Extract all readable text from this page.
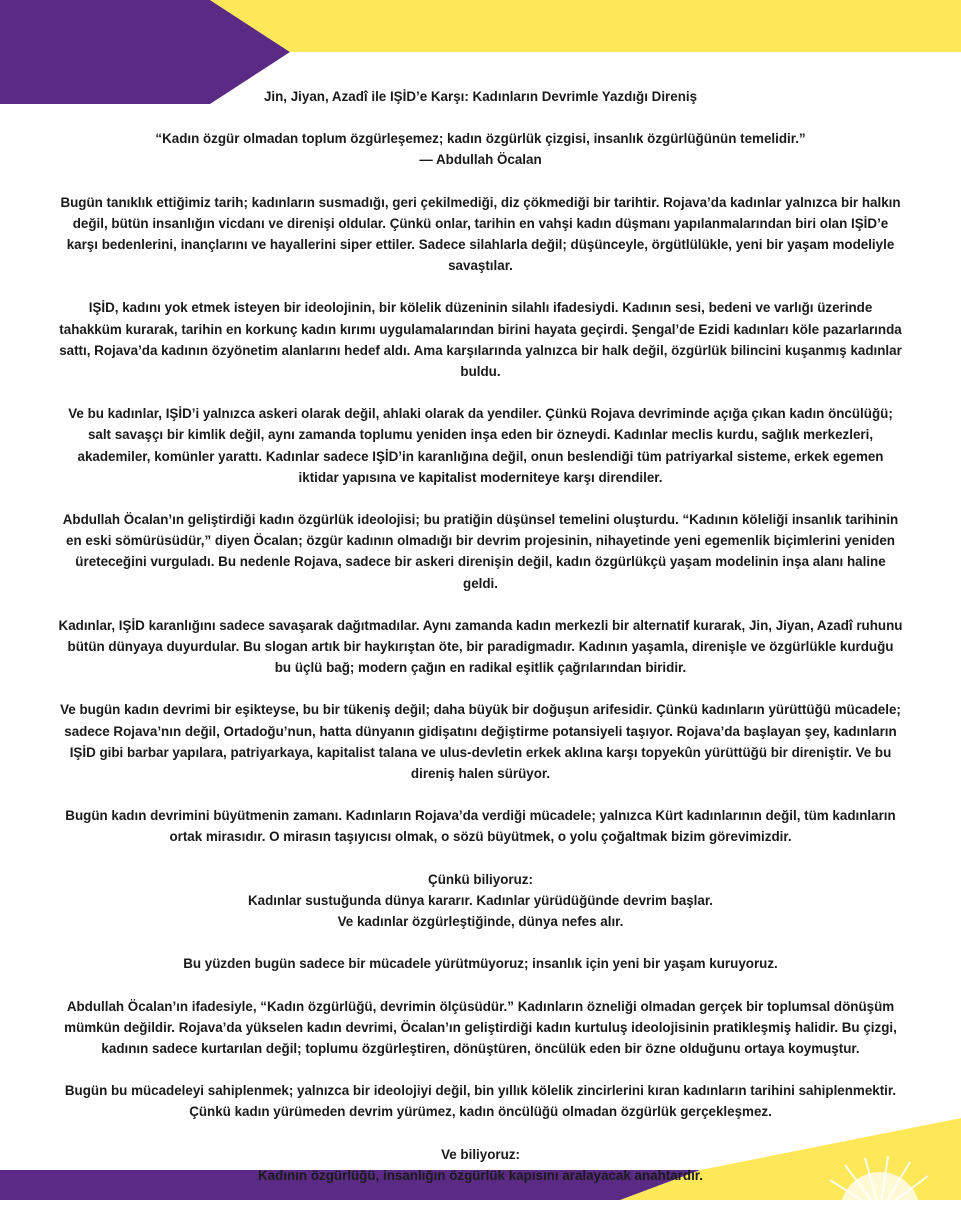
Jin, Jiyan, Azadî ile IŞİD’e Karşı: Kadınların Devrimle Yazdığı Direniş

“Kadın özgür olmadan toplum özgürleşemez; kadın özgürlük çizgisi, insanlık özgürlüğünün temelidir.”

— Abdullah Öcalan

Bugün tanıklık ettiğimiz tarih; kadınların susmadığı, geri çekilmediği, diz çökmediği bir tarihtir. Rojava’da kadınlar yalnızca bir halkın değil, bütün insanlığın vicdanı ve direnişi oldular. Çünkü onlar, tarihin en vahşi kadın düşmanı yapılanmalarından biri olan IŞİD’e karşı bedenlerini, inançlarını ve hayallerini siper ettiler. Sadece silahlarla değil; düşünceyle, örgütlülükle, yeni bir yaşam modeliyle savaştılar.

IŞİD, kadını yok etmek isteyen bir ideolojinin, bir kölelik düzeninin silahlı ifadesiydi. Kadının sesi, bedeni ve varlığı üzerinde tahakküm kurarak, tarihin en korkunç kadın kırımı uygulamalarından birini hayata geçirdi. Şengal’de Ezidi kadınları köle pazarlarında sattı, Rojava’da kadının özyönetim alanlarını hedef aldı. Ama karşılarında yalnızca bir halk değil, özgürlük bilincini kuşanmış kadınlar buldu.

Ve bu kadınlar, IŞİD’i yalnızca askeri olarak değil, ahlaki olarak da yendiler. Çünkü Rojava devriminde açığa çıkan kadın öncülüğü; salt savaşçı bir kimlik değil, aynı zamanda toplumu yeniden inşa eden bir özneydi. Kadınlar meclis kurdu, sağlık merkezleri, akademiler, komünler yarattı. Kadınlar sadece IŞİD’in karanlığına değil, onun beslendiği tüm patriyarkal sisteme, erkek egemen iktidar yapısına ve kapitalist moderniteye karşı direndiler.

Abdullah Öcalan’ın geliştirdiği kadın özgürlük ideolojisi; bu pratiğin düşünsel temelini oluşturdu. “Kadının köleliği insanlık tarihinin en eski sömürüsüdür,” diyen Öcalan; özgür kadının olmadığı bir devrim projesinin, nihayetinde yeni egemenlik biçimlerini yeniden üreteceğini vurguladı. Bu nedenle Rojava, sadece bir askeri direnişin değil, kadın özgürlükçü yaşam modelinin inşa alanı haline geldi.

Kadınlar, IŞİD karanlığını sadece savaşarak dağıtmadılar. Aynı zamanda kadın merkezli bir alternatif kurarak, Jin, Jiyan, Azadî ruhunu bütün dünyaya duyurdular. Bu slogan artık bir haykırıştan öte, bir paradigmadır. Kadının yaşamla, direnişle ve özgürlükle kurduğu bu üçlü bağ; modern çağın en radikal eşitlik çağrılarından biridir.

Ve bugün kadın devrimi bir eşikteyse, bu bir tükeniş değil; daha büyük bir doğuşun arifesidir. Çünkü kadınların yürüttüğü mücadele; sadece Rojava’nın değil, Ortadoğu’nun, hatta dünyanın gidişatını değiştirme potansiyeli taşıyor. Rojava’da başlayan şey, kadınların IŞİD gibi barbar yapılara, patriyarkaya, kapitalist talana ve ulus-devletin erkek aklına karşı topyekûn yürüttüğü bir direniştir. Ve bu direniş halen sürüyor.

Bugün kadın devrimini büyütmenin zamanı. Kadınların Rojava’da verdiği mücadele; yalnızca Kürt kadınlarının değil, tüm kadınların ortak mirasıdır. O mirasın taşıyıcısı olmak, o sözü büyütmek, o yolu çoğaltmak bizim görevimizdir.

Çünkü biliyoruz:

Kadınlar sustuğunda dünya kararır. Kadınlar yürüdüğünde devrim başlar.

Ve kadınlar özgürleştiğinde, dünya nefes alır.

Bu yüzden bugün sadece bir mücadele yürütmüyoruz; insanlık için yeni bir yaşam kuruyoruz.

Abdullah Öcalan’ın ifadesiyle, “Kadın özgürlüğü, devrimin ölçüsüdür.” Kadınların özneliği olmadan gerçek bir toplumsal dönüşüm mümkün değildir. Rojava’da yükselen kadın devrimi, Öcalan’ın geliştirdiği kadın kurtuluş ideolojisinin pratikleşmiş halidir. Bu çizgi, kadının sadece kurtarılan değil; toplumu özgürleştiren, dönüştüren, öncülük eden bir özne olduğunu ortaya koymuştur.

Bugün bu mücadeleyi sahiplenmek; yalnızca bir ideolojiyi değil, bin yıllık kölelik zincirlerini kıran kadınların tarihini sahiplenmektir. Çünkü kadın yürümeden devrim yürümez, kadın öncülüğü olmadan özgürlük gerçekleşmez.

Ve biliyoruz:

Kadının özgürlüğü, insanlığın özgürlük kapısını aralayacak anahtardır.
